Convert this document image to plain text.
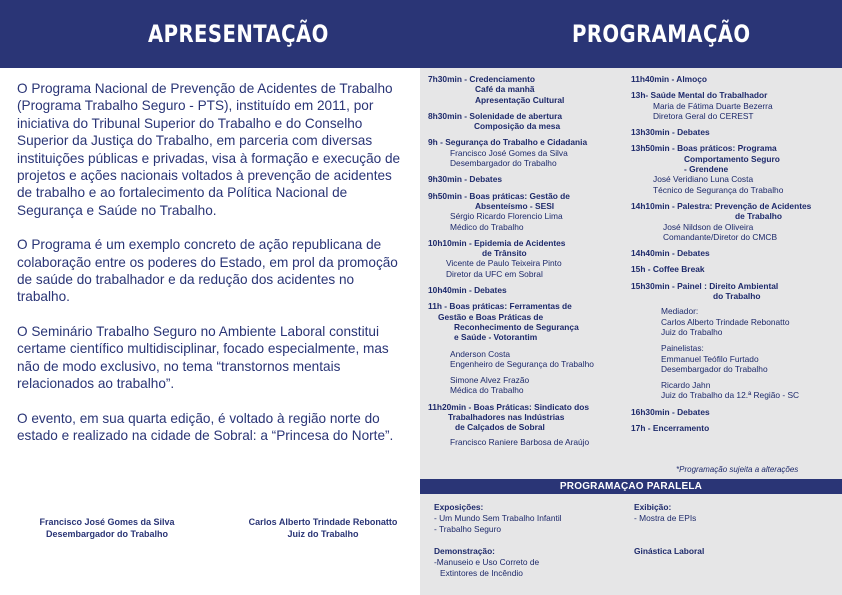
APRESENTAÇÃO	PROGRAMAÇÃO

O Programa Nacional de Prevenção de Acidentes de Trabalho (Programa Trabalho Seguro - PTS), instituído em 2011, por iniciativa do Tribunal Superior do Trabalho e do Conselho Superior da Justiça do Trabalho, em parceria com diversas instituições públicas e privadas, visa à formação e execução de projetos e ações nacionais voltados à prevenção de acidentes de trabalho e ao fortalecimento da Política Nacional de Segurança e Saúde no Trabalho.

O Programa é um exemplo concreto de ação republicana de colaboração entre os poderes do Estado, em prol da promoção de saúde do trabalhador e da redução dos acidentes no trabalho.

O Seminário Trabalho Seguro no Ambiente Laboral constitui certame científico multidisciplinar, focado especialmente, mas não de modo exclusivo, no tema “transtornos mentais relacionados ao trabalho”.

O evento, em sua quarta edição, é voltado à região norte do estado e realizado na cidade de Sobral: a “Princesa do Norte”.

Francisco José Gomes da Silva
Desembargador do Trabalho
Carlos Alberto Trindade Rebonatto
Juiz do Trabalho
7h30min - Credenciamento
Café da manhã
Apresentação Cultural
8h30min - Solenidade de abertura
Composição da mesa
9h - Segurança do Trabalho e Cidadania
Francisco José Gomes da Silva
Desembargador do Trabalho
9h30min - Debates
9h50min - Boas práticas: Gestão de
Absenteísmo - SESI
Sérgio Ricardo Florencio Lima
Médico do Trabalho
10h10min - Epidemia de Acidentes
de Trânsito
Vicente de Paulo Teixeira Pinto
Diretor da UFC em Sobral
10h40min - Debates
11h - Boas práticas: Ferramentas de
Gestão e Boas Práticas de
Reconhecimento de Segurança
e Saúde - Votorantim
Anderson Costa
Engenheiro de Segurança do Trabalho
Simone Alvez Frazão
Médica do Trabalho
11h20min - Boas Práticas: Sindicato dos
Trabalhadores nas Indústrias
de Calçados de Sobral
Francisco Raniere Barbosa de Araújo
11h40min - Almoço
13h- Saúde Mental do Trabalhador
Maria de Fátima Duarte Bezerra
Diretora Geral do CEREST
13h30min - Debates
13h50min - Boas práticos: Programa
Comportamento Seguro
- Grendene
José Veridiano Luna Costa
Técnico de Segurança do Trabalho
14h10min - Palestra: Prevenção de Acidentes
de Trabalho
José Nildson de Oliveira
Comandante/Diretor do CMCB
14h40min - Debates
15h - Coffee Break
15h30min - Painel : Direito Ambiental
do Trabalho
Mediador:
Carlos Alberto Trindade Rebonatto
Juiz do Trabalho
Painelistas:
Emmanuel Teófilo Furtado
Desembargador do Trabalho
Ricardo Jahn
Juiz do Trabalho da 12.ª Região - SC
16h30min - Debates
17h - Encerramento
*Programação sujeita a alterações
PROGRAMAÇAO PARALELA
Exposições:
- Um Mundo Sem Trabalho Infantil
- Trabalho Seguro
Demonstração:
-Manuseio e Uso Correto de
Extintores de Incêndio
Exibição:
- Mostra de EPIs
Ginástica Laboral
